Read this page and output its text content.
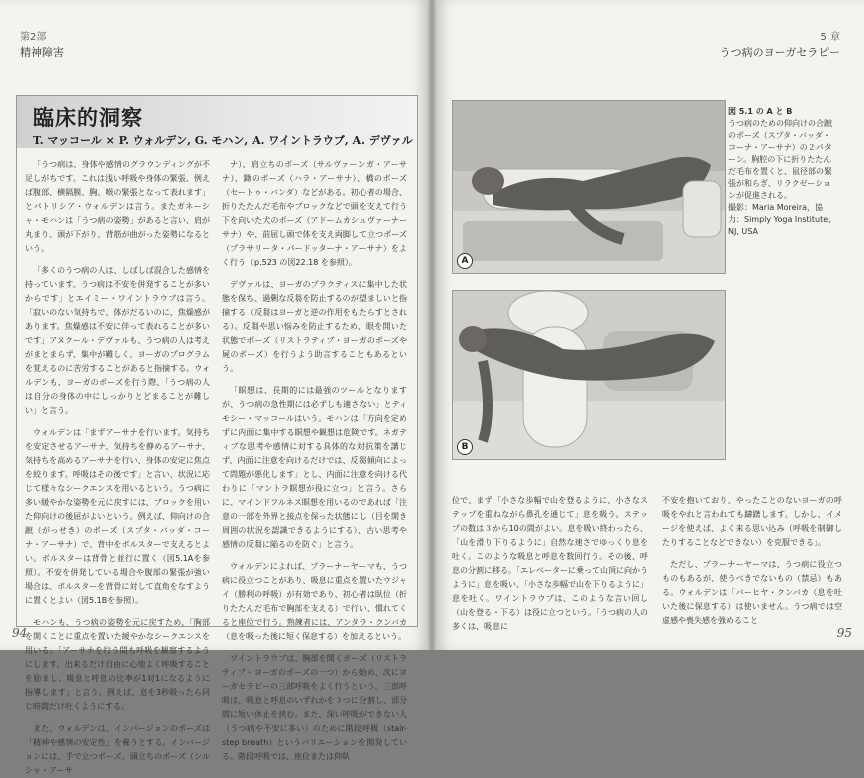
第2部
精神障害
臨床的洞察
T. マッコール × P. ウォルデン, G. モハン, A. ワイントラウブ, A. デヴァル

「うつ病は、身体や感情のグラウンディングが不足しがちです。これは浅い呼吸や身体の緊張、例えば腹部、横隔膜、胸、喉の緊張となって表れます」とパトリシア・ウォルデンは言う。またガネーシャ・モハンは「うつ病の姿勢」があると言い、肩が丸まり、頭が下がり、背筋が曲がった姿勢になるという。

「多くのうつ病の人は、しばしば混合した感情を持っています。うつ病は不安を併発することが多いからです」とエイミー・ワイントラウブは言う。「寂いのない気持ちで、体がだるいのに、焦燥感があります。焦燥感は不安に伴って表れることが多いです」アヌクール・デヴァルも、うつ病の人は考えがまとまらず、集中が難しく、ヨーガのプログラムを覚えるのに苦労することがあると指摘する。ウォルデンも、ヨーガのポーズを行う際、「うつ病の人は自分の身体の中にしっかりとどまることが難しい」と言う。

ウォルデンは「まずアーサナを行います。気持ちを安定させるアーサナ、気持ちを静めるアーサナ、気持ちを高めるアーサナを行い、身体の安定に焦点を絞ります。呼吸はその後です」と言い、状況に応じて様々なシークエンスを用いるという。うつ病に多い緩やかな姿勢を元に戻すには、ブロックを用いた仰向けの後屈がよいという。例えば、仰向けの合蹠（がっせき）のポーズ（スプタ・バッダ・コーナ・アーサナ）で、背中をボルスターで支えるとよい。ボルスターは背骨と並行に置く（図5.1Aを参照）。不安を併発している場合や腹部の緊張が強い場合は、ボルスターを背骨に対して直角をなすように置くとよい（図5.1Bを参照）。

モハンも、うつ病の姿勢を元に戻すため、「胸部を開くことに重点を置いた緩やかなシークエンスを用いる。「アーサナを行う間も呼吸を観察するようにします。出来るだけ自由に心地よく呼吸することを励まし、吸息と呼息の比率が1対1になるように指導します」と言う。例えば、息を3秒吸ったら同じ時間だけ吐くようにする。

また、ウォルデンは、インバージョンのポーズは「精神や感情の安定性」を養うとする。インバージョンには、手で立つポーズ、頭立ちのポーズ（シルシャ・アーサ

ナ）、肩立ちのポーズ（サルヴァーンガ・アーサナ）、鋤のポーズ（ハラ・アーサナ）、橋のポーズ（セートゥ・バンダ）などがある。初心者の場合、折りたたんだ毛布やブロックなどで頭を支えて行う下を向いた犬のポーズ（アドームカシュヴァーナーサナ）や、前屈し頭で体を支え両脚して立つポーズ（プラサリータ・パードッターナ・アーサナ）をよく行う（p.523 の図22.18 を参照）。

デヴァルは、ヨーガのプラクティスに集中した状態を保ち、過剰な反芻を防止するのが望ましいと指摘する（反芻はヨーガと逆の作用をもたらすとされる）。反芻や思い悩みを防止するため、眼を開いた状態でポーズ（リストラティブ・ヨーガのポーズや屍のポーズ）を行うよう助言することもあるという。

「瞑想は、長期的には最強のツールとなりますが、うつ病の急性期には必ずしも適さない」とティモシー・マッコールはいう。モハンは「方向を定めずに内面に集中する瞑想や観想は危険です。ネガティブな思考や感情に対する具体的な対抗策を講じず、内面に注意を向けるだけでは、反芻傾向によって問題が悪化します」とし、内面に注意を向ける代わりに「マントラ瞑想が役に立つ」と言う。さらに、マインドフルネス瞑想を用いるのであれば「注意の一部を外界と接点を保った状態にし（目を開き周囲の状況を認識できるようにする）、古い思考や感情の反芻に陥るのを防ぐ」と言う。

ウォルデンによれば、プラーナーヤーマも、うつ病に役立つことがあり、吸息に重点を置いたウジャイ（勝利の呼吸）が有効であり、初心者は臥位（折りたたんだ毛布で胸部を支える）で行い、慣れてくると座位で行う。熟練者には、アンタラ・クンバカ（息を吸った後に短く保息する）を加えるという。

ワイントラウブは、胸部を開くポーズ（リストラティブ・ヨーガのポーズの一つ）から始め、次にヨーガセラピーの三部呼吸をよく行うという。三部呼吸は、吸息と呼息のいずれかを３つに分割し、部分間に短い休止を挟む。また、深い呼吸ができない人（うつ病や不安に多い）のために階段呼吸（stair-step breath）というバリエーションを開発している。階段呼吸では、座位または仰臥

94
5 章
うつ病のヨーガセラピー
A
B
図 5.1 の A と B
うつ病のための仰向けの合蹠のポーズ（スプタ・バッダ・コーナ・アーサナ）の２パターン。胸腔の下に折りたたんだ毛布を置くと、鼠径部の緊張が和らぎ、リラクゼーションが促進される。
撮影：Maria Moreira，協力：Simply Yoga Institute, NJ, USA

位で、まず「小さな歩幅で山を登るように、小さなステップを重ねながら鼻孔を通じて」息を吸う。ステップの数は３から10の間がよい。息を吸い終わったら、「山を滑り下りるように」自然な速さでゆっくり息を吐く。このような吸息と呼息を数回行う。その後、呼息の分割に移る。「エレベーターに乗って山頂に向かうように」息を吸い、「小さな歩幅で山を下りるように」息を吐く。ワイントラウブは、このような言い回し（山を登る・下る）は役に立つという。「うつ病の人の多くは、吸息に

不安を抱いており、やったことのないヨーガの呼吸をやれと言われても躊躇します。しかし、イメージを使えば、よく来る思い込み（呼吸を制御したりすることなどできない）を克服できる」。

ただし、プラーナーヤーマは、うつ病に役立つものもあるが、使うべきでないもの（禁忌）もある。ウォルデンは「バーヒヤ・クンバカ（息を吐いた後に保息する）は使いません。うつ病では空虚感や喪失感を強めること

95
